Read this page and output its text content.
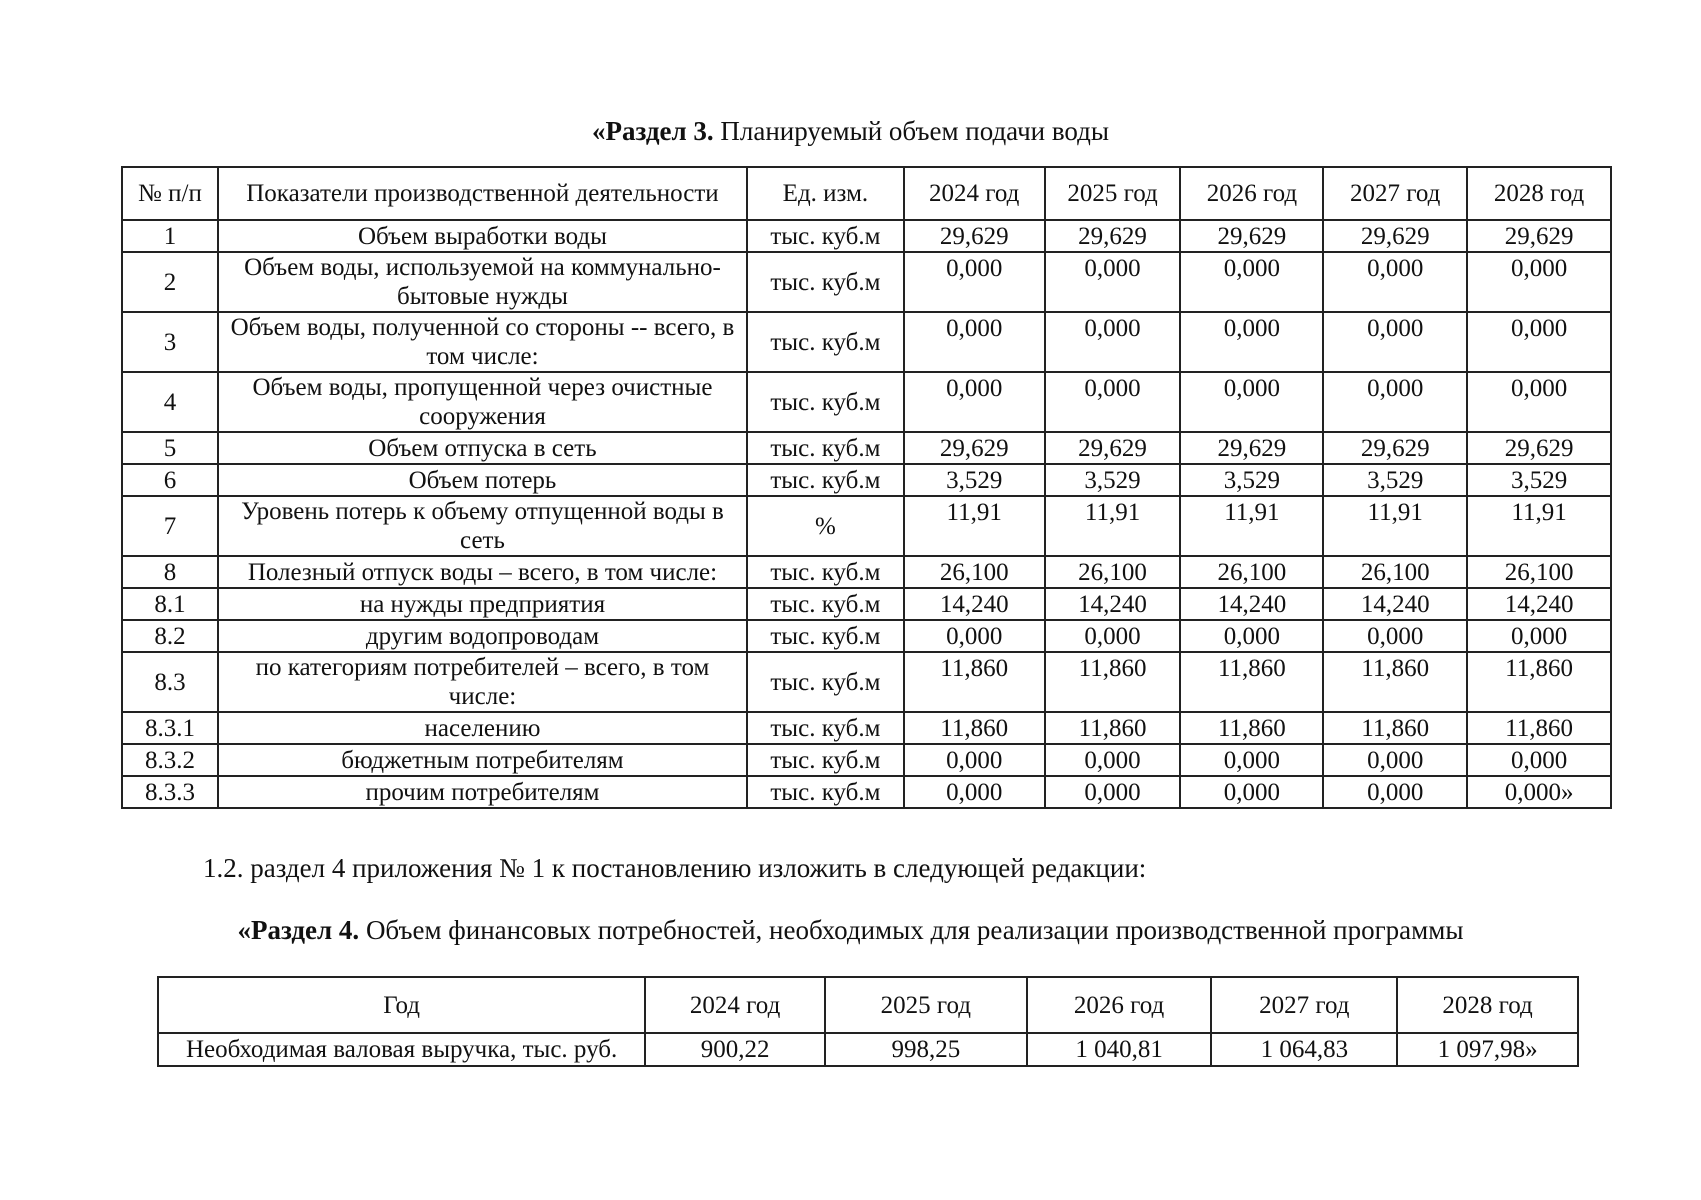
«Раздел 3. Планируемый объем подачи воды
№ п/п	Показатели производственной деятельности	Ед. изм.	2024 год	2025 год	2026 год	2027 год	2028 год
1	Объем выработки воды	тыс. куб.м	29,629	29,629	29,629	29,629	29,629
2	Объем воды, используемой на коммунально-бытовые нужды	тыс. куб.м	0,000	0,000	0,000	0,000	0,000
3	Объем воды, полученной со стороны -- всего, в том числе:	тыс. куб.м	0,000	0,000	0,000	0,000	0,000
4	Объем воды, пропущенной через очистные сооружения	тыс. куб.м	0,000	0,000	0,000	0,000	0,000
5	Объем отпуска в сеть	тыс. куб.м	29,629	29,629	29,629	29,629	29,629
6	Объем потерь	тыс. куб.м	3,529	3,529	3,529	3,529	3,529
7	Уровень потерь к объему отпущенной воды в сеть	%	11,91	11,91	11,91	11,91	11,91
8	Полезный отпуск воды – всего, в том числе:	тыс. куб.м	26,100	26,100	26,100	26,100	26,100
8.1	на нужды предприятия	тыс. куб.м	14,240	14,240	14,240	14,240	14,240
8.2	другим водопроводам	тыс. куб.м	0,000	0,000	0,000	0,000	0,000
8.3	по категориям потребителей – всего, в том числе:	тыс. куб.м	11,860	11,860	11,860	11,860	11,860
8.3.1	населению	тыс. куб.м	11,860	11,860	11,860	11,860	11,860
8.3.2	бюджетным потребителям	тыс. куб.м	0,000	0,000	0,000	0,000	0,000
8.3.3	прочим потребителям	тыс. куб.м	0,000	0,000	0,000	0,000	0,000»
1.2. раздел 4 приложения № 1 к постановлению изложить в следующей редакции:
«Раздел 4. Объем финансовых потребностей, необходимых для реализации производственной программы
Год	2024 год	2025 год	2026 год	2027 год	2028 год
Необходимая валовая выручка, тыс. руб.	900,22	998,25	1 040,81	1 064,83	1 097,98»
